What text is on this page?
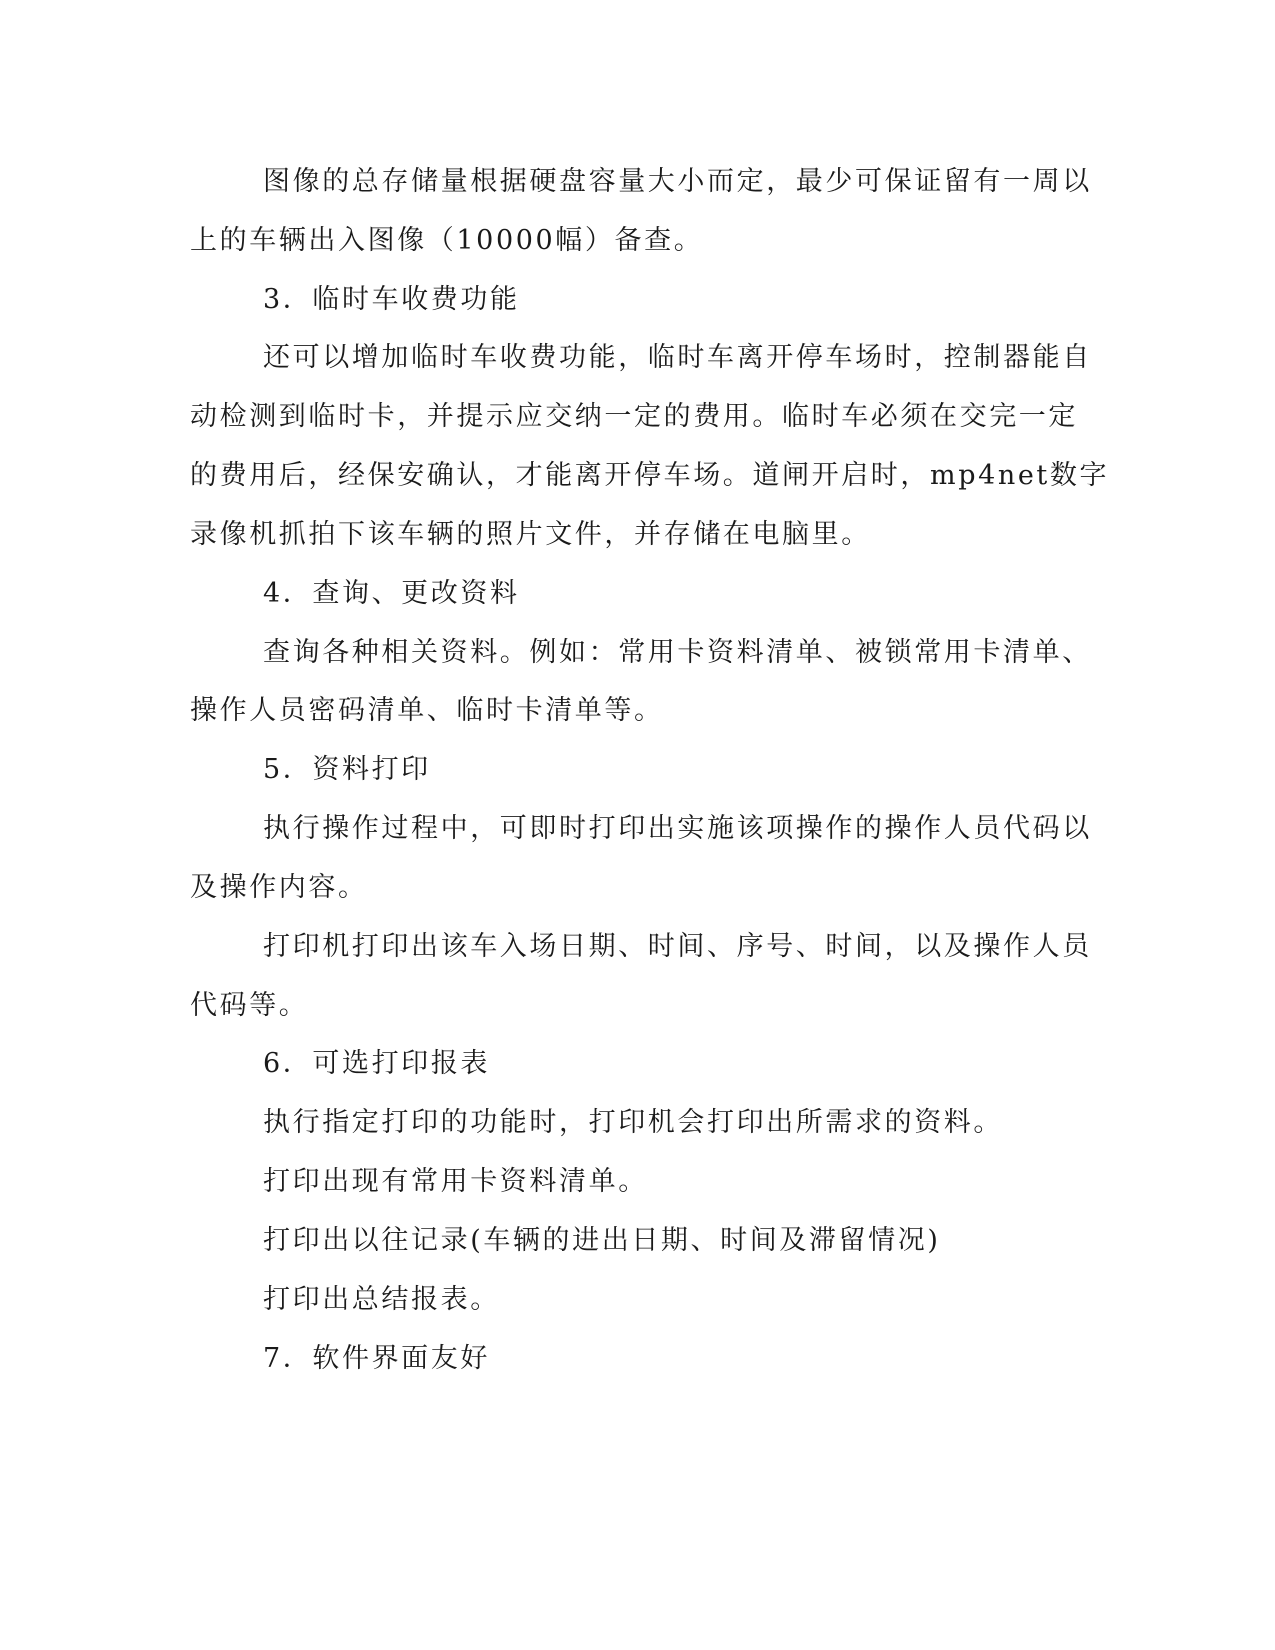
图像的总存储量根据硬盘容量大小而定，最少可保证留有一周以

上的车辆出入图像（10000幅）备查。

3．临时车收费功能

还可以增加临时车收费功能，临时车离开停车场时，控制器能自

动检测到临时卡，并提示应交纳一定的费用。临时车必须在交完一定

的费用后，经保安确认，才能离开停车场。道闸开启时，mp4net数字

录像机抓拍下该车辆的照片文件，并存储在电脑里。

4．查询、更改资料

查询各种相关资料。例如：常用卡资料清单、被锁常用卡清单、

操作人员密码清单、临时卡清单等。

5．资料打印

执行操作过程中，可即时打印出实施该项操作的操作人员代码以

及操作内容。

打印机打印出该车入场日期、时间、序号、时间，以及操作人员

代码等。

6．可选打印报表

执行指定打印的功能时，打印机会打印出所需求的资料。

打印出现有常用卡资料清单。

打印出以往记录(车辆的进出日期、时间及滞留情况)

打印出总结报表。

7．软件界面友好
